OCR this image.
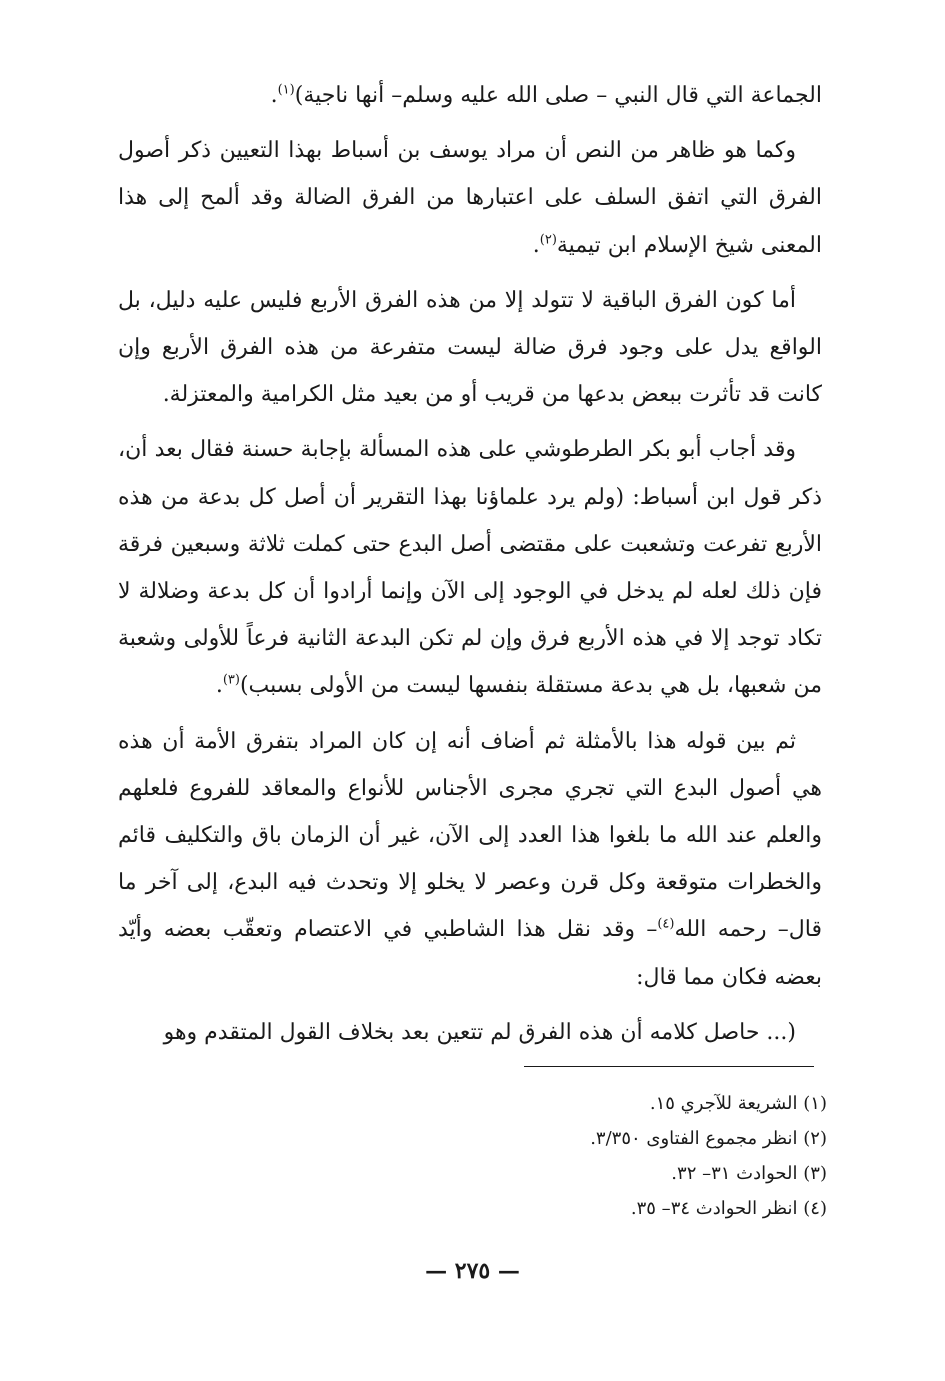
الجماعة التي قال النبي – صلى الله عليه وسلم– أنها ناجية)$^{(١)}$.

وكما هو ظاهر من النص أن مراد يوسف بن أسباط بهذا التعيين ذكر أصول الفرق التي اتفق السلف على اعتبارها من الفرق الضالة وقد ألمح إلى هذا المعنى شيخ الإسلام ابن تيمية$^{(٢)}$.

أما كون الفرق الباقية لا تتولد إلا من هذه الفرق الأربع فليس عليه دليل، بل الواقع يدل على وجود فرق ضالة ليست متفرعة من هذه الفرق الأربع وإن كانت قد تأثرت ببعض بدعها من قريب أو من بعيد مثل الكرامية والمعتزلة.

وقد أجاب أبو بكر الطرطوشي على هذه المسألة بإجابة حسنة فقال بعد أن، ذكر قول ابن أسباط: (ولم يرد علماؤنا بهذا التقرير أن أصل كل بدعة من هذه الأربع تفرعت وتشعبت على مقتضى أصل البدع حتى كملت ثلاثة وسبعين فرقة فإن ذلك لعله لم يدخل في الوجود إلى الآن وإنما أرادوا أن كل بدعة وضلالة لا تكاد توجد إلا في هذه الأربع فرق وإن لم تكن البدعة الثانية فرعاً للأولى وشعبة من شعبها، بل هي بدعة مستقلة بنفسها ليست من الأولى بسبب)$^{(٣)}$.

ثم بين قوله هذا بالأمثلة ثم أضاف أنه إن كان المراد بتفرق الأمة أن هذه هي أصول البدع التي تجري مجرى الأجناس للأنواع والمعاقد للفروع فلعلهم والعلم عند الله ما بلغوا هذا العدد إلى الآن، غير أن الزمان باق والتكليف قائم والخطرات متوقعة وكل قرن وعصر لا يخلو إلا وتحدث فيه البدع، إلى آخر ما قال– رحمه الله$^{(٤)}$– وقد نقل هذا الشاطبي في الاعتصام وتعقّب بعضه وأيّد بعضه فكان مما قال:

(... حاصل كلامه أن هذه الفرق لم تتعين بعد بخلاف القول المتقدم وهو

(١) الشريعة للآجري ١٥.

(٢) انظر مجموع الفتاوى ٣/٣٥٠.

(٣) الحوادث ٣١– ٣٢.

(٤) انظر الحوادث ٣٤– ٣٥.

— ٢٧٥ —
